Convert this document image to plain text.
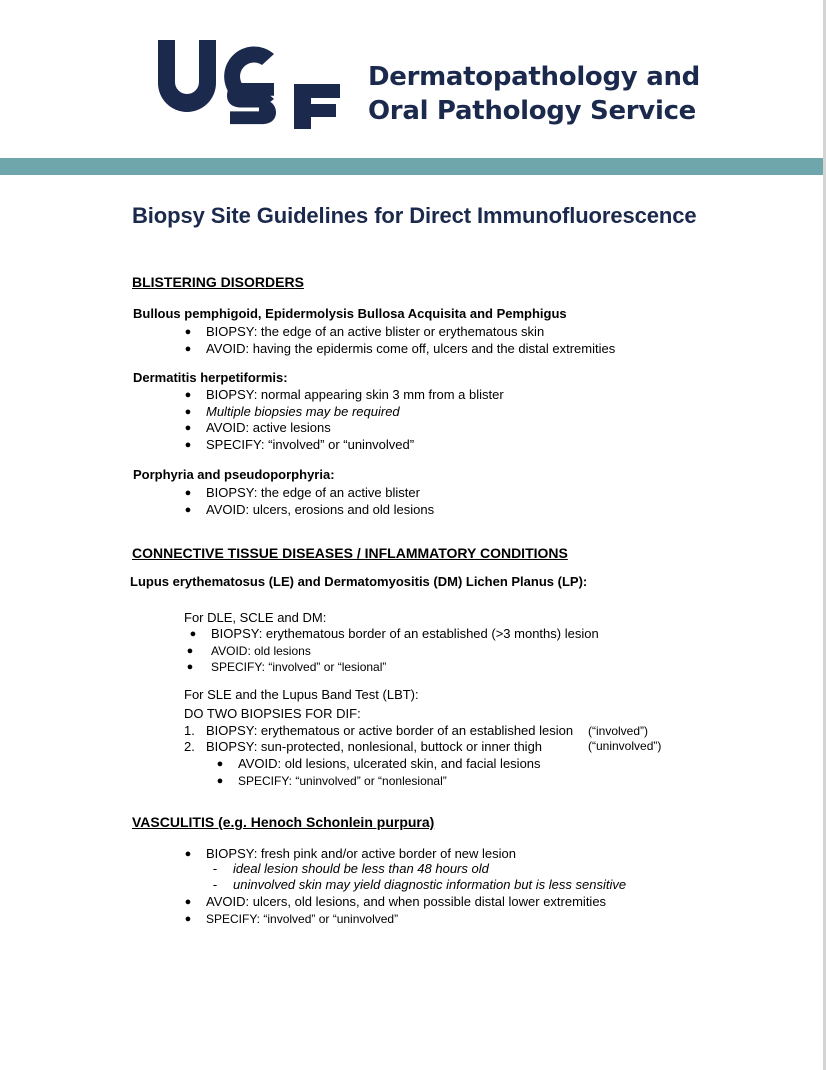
Dermatopathology and
Oral Pathology Service
Biopsy Site Guidelines for Direct Immunofluorescence
BLISTERING DISORDERS
Bullous pemphigoid, Epidermolysis Bullosa Acquisita and Pemphigus
● BIOPSY: the edge of an active blister or erythematous skin
● AVOID: having the epidermis come off, ulcers and the distal extremities
Dermatitis herpetiformis:
● BIOPSY: normal appearing skin 3 mm from a blister
● Multiple biopsies may be required
● AVOID: active lesions
● SPECIFY: “involved” or “uninvolved”
Porphyria and pseudoporphyria:
● BIOPSY: the edge of an active blister
● AVOID: ulcers, erosions and old lesions
CONNECTIVE TISSUE DISEASES / INFLAMMATORY CONDITIONS
Lupus erythematosus (LE) and Dermatomyositis (DM) Lichen Planus (LP):
For DLE, SCLE and DM:
● BIOPSY: erythematous border of an established (>3 months) lesion
● AVOID: old lesions
● SPECIFY: “involved” or “lesional”
For SLE and the Lupus Band Test (LBT):
DO TWO BIOPSIES FOR DIF:
1. BIOPSY: erythematous or active border of an established lesion (“involved”)
2. BIOPSY: sun-protected, nonlesional, buttock or inner thigh	(“uninvolved”)
● AVOID: old lesions, ulcerated skin, and facial lesions
● SPECIFY: “uninvolved” or “nonlesional”
VASCULITIS (e.g. Henoch Schonlein purpura)
● BIOPSY: fresh pink and/or active border of new lesion
- ideal lesion should be less than 48 hours old
- uninvolved skin may yield diagnostic information but is less sensitive
● AVOID: ulcers, old lesions, and when possible distal lower extremities
● SPECIFY: “involved” or “uninvolved”
